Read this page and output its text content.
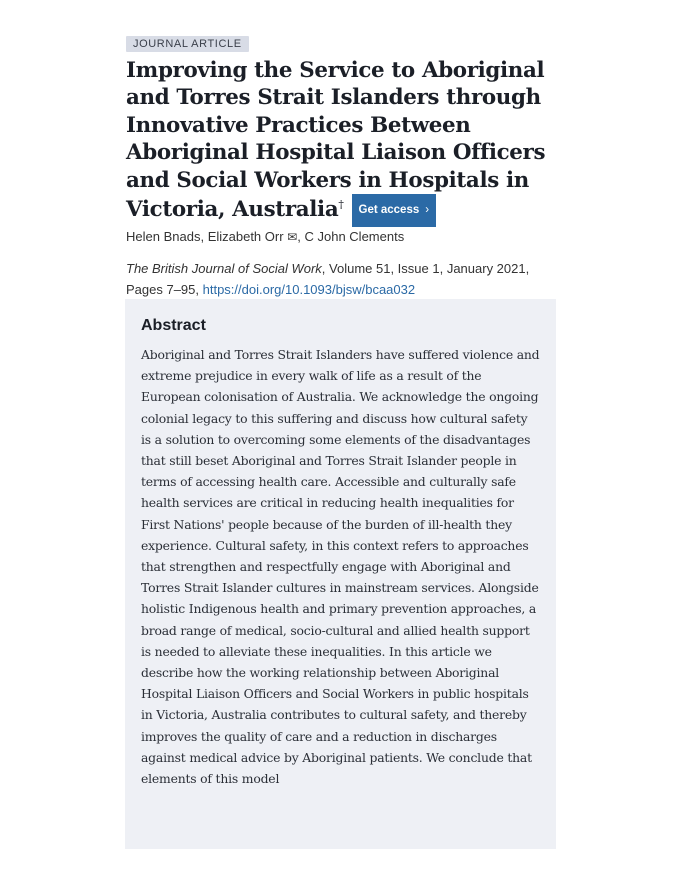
JOURNAL ARTICLE
Improving the Service to Aboriginal and Torres Strait Islanders through Innovative Practices Between Aboriginal Hospital Liaison Officers and Social Workers in Hospitals in Victoria, Australia† Get access ›
Helen Bnads, Elizabeth Orr ✉, C John Clements
The British Journal of Social Work, Volume 51, Issue 1, January 2021, Pages 7–95, https://doi.org/10.1093/bjsw/bcaa032
Abstract

Aboriginal and Torres Strait Islanders have suffered violence and extreme prejudice in every walk of life as a result of the European colonisation of Australia. We acknowledge the ongoing colonial legacy to this suffering and discuss how cultural safety is a solution to overcoming some elements of the disadvantages that still beset Aboriginal and Torres Strait Islander people in terms of accessing health care. Accessible and culturally safe health services are critical in reducing health inequalities for First Nations' people because of the burden of ill-health they experience. Cultural safety, in this context refers to approaches that strengthen and respectfully engage with Aboriginal and Torres Strait Islander cultures in mainstream services. Alongside holistic Indigenous health and primary prevention approaches, a broad range of medical, socio-cultural and allied health support is needed to alleviate these inequalities. In this article we describe how the working relationship between Aboriginal Hospital Liaison Officers and Social Workers in public hospitals in Victoria, Australia contributes to cultural safety, and thereby improves the quality of care and a reduction in discharges against medical advice by Aboriginal patients. We conclude that elements of this model
